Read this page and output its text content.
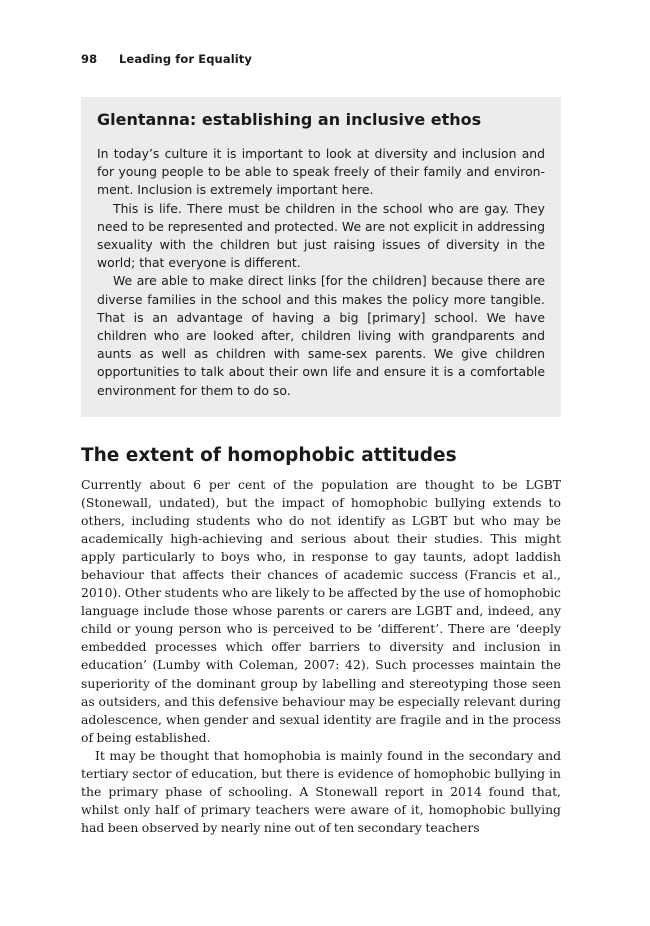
98 Leading for Equality
Glentanna: establishing an inclusive ethos

In today’s culture it is important to look at diversity and inclusion and for young people to be able to speak freely of their family and environment. Inclusion is extremely important here.

This is life. There must be children in the school who are gay. They need to be represented and protected. We are not explicit in addressing sexuality with the children but just raising issues of diversity in the world; that everyone is different.

We are able to make direct links [for the children] because there are diverse families in the school and this makes the policy more tangible. That is an advantage of having a big [primary] school. We have children who are looked after, children living with grandparents and aunts as well as children with same-sex parents. We give children opportunities to talk about their own life and ensure it is a comfortable environment for them to do so.

The extent of homophobic attitudes

Currently about 6 per cent of the population are thought to be LGBT (Stonewall, undated), but the impact of homophobic bullying extends to others, including students who do not identify as LGBT but who may be academically high-achieving and serious about their studies. This might apply particularly to boys who, in response to gay taunts, adopt laddish behaviour that affects their chances of academic success (Francis et al., 2010). Other students who are likely to be affected by the use of homophobic language include those whose parents or carers are LGBT and, indeed, any child or young person who is perceived to be ‘different’. There are ‘deeply embedded processes which offer barriers to diversity and inclusion in education’ (Lumby with Coleman, 2007: 42). Such processes maintain the superiority of the dominant group by labelling and stereotyping those seen as outsiders, and this defensive behaviour may be especially relevant during adolescence, when gender and sexual identity are fragile and in the process of being established.

It may be thought that homophobia is mainly found in the secondary and tertiary sector of education, but there is evidence of homophobic bullying in the primary phase of schooling. A Stonewall report in 2014 found that, whilst only half of primary teachers were aware of it, homophobic bullying had been observed by nearly nine out of ten secondary teachers
